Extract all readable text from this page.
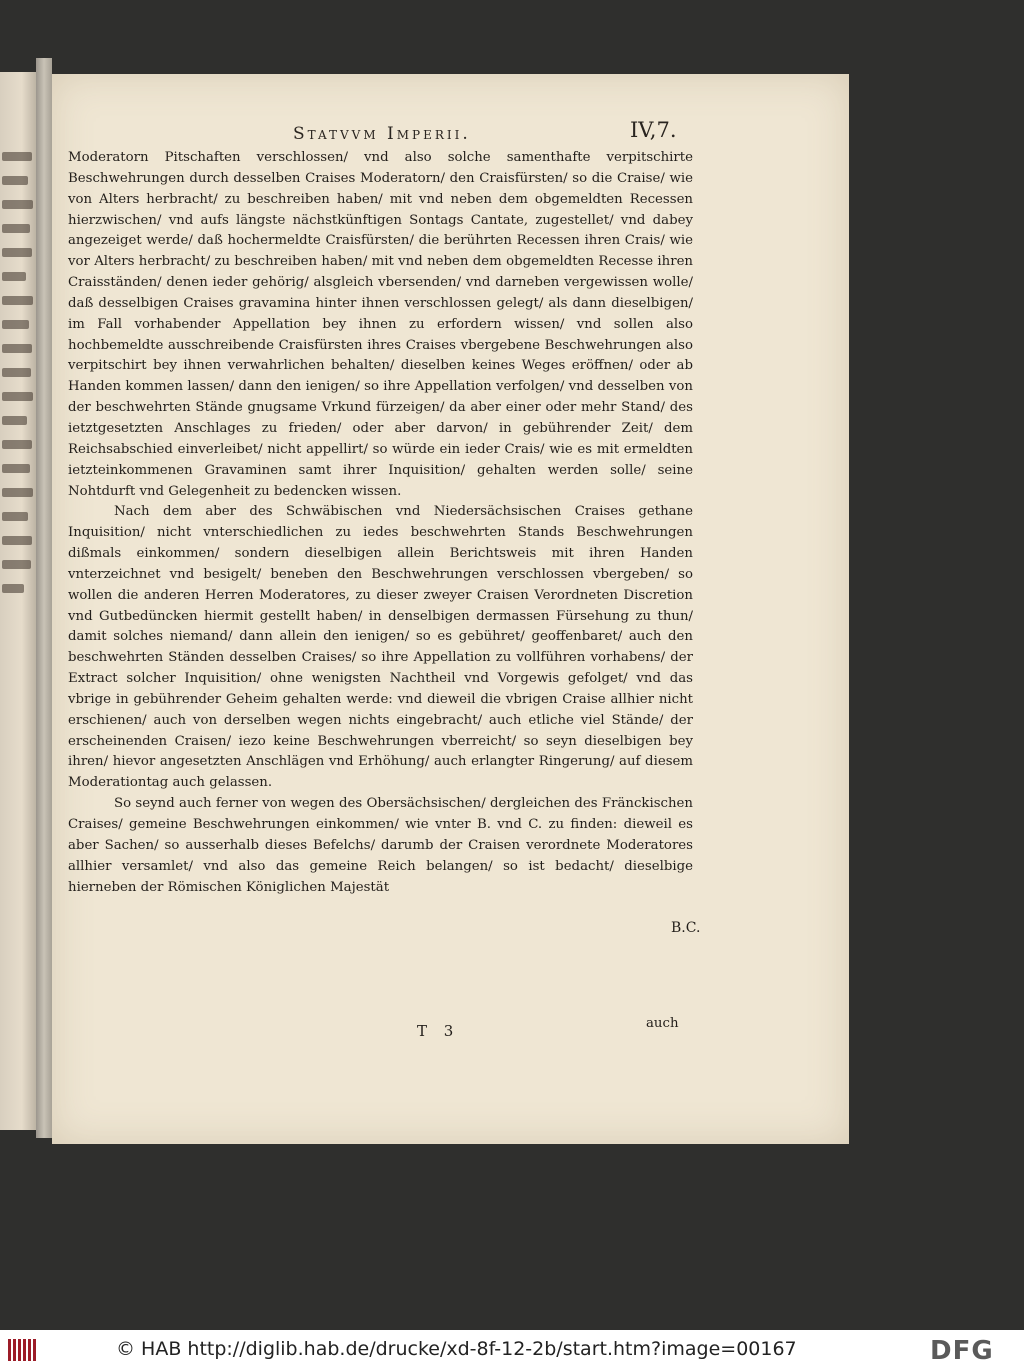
Statvvm Imperii.	IV,7.

Moderatorn Pitschaften verschlossen/ vnd also solche samenthafte verpitschirte Beschwehrungen durch desselben Craises Moderatorn/ den Craisfürsten/ so die Craise/ wie von Alters herbracht/ zu beschreiben haben/ mit vnd neben dem obgemeldten Recessen hierzwischen/ vnd aufs längste nächstkünftigen Sontags Cantate, zugestellet/ vnd dabey angezeiget werde/ daß hochermeldte Craisfürsten/ die berührten Recessen ihren Crais/ wie vor Alters herbracht/ zu beschreiben haben/ mit vnd neben dem obgemeldten Recesse ihren Craisständen/ denen ieder gehörig/ alsgleich vbersenden/ vnd darneben vergewissen wolle/ daß desselbigen Craises gravamina hinter ihnen verschlossen gelegt/ als dann dieselbigen/ im Fall vorhabender Appellation bey ihnen zu erfordern wissen/ vnd sollen also hochbemeldte ausschreibende Craisfürsten ihres Craises vbergebene Beschwehrungen also verpitschirt bey ihnen verwahrlichen behalten/ dieselben keines Weges eröffnen/ oder ab Handen kommen lassen/ dann den ienigen/ so ihre Appellation verfolgen/ vnd desselben von der beschwehrten Stände gnugsame Vrkund fürzeigen/ da aber einer oder mehr Stand/ des ietztgesetzten Anschlages zu frieden/ oder aber darvon/ in gebührender Zeit/ dem Reichsabschied einverleibet/ nicht appellirt/ so würde ein ieder Crais/ wie es mit ermeldten ietzteinkommenen Gravaminen samt ihrer Inquisition/ gehalten werden solle/ seine Nohtdurft vnd Gelegenheit zu bedencken wissen.

Nach dem aber des Schwäbischen vnd Niedersächsischen Craises gethane Inquisition/ nicht vnterschiedlichen zu iedes beschwehrten Stands Beschwehrungen dißmals einkommen/ sondern dieselbigen allein Berichtsweis mit ihren Handen vnterzeichnet vnd besigelt/ beneben den Beschwehrungen verschlossen vbergeben/ so wollen die anderen Herren Moderatores, zu dieser zweyer Craisen Verordneten Discretion vnd Gutbedüncken hiermit gestellt haben/ in denselbigen dermassen Fürsehung zu thun/ damit solches niemand/ dann allein den ienigen/ so es gebühret/ geoffenbaret/ auch den beschwehrten Ständen desselben Craises/ so ihre Appellation zu vollführen vorhabens/ der Extract solcher Inquisition/ ohne wenigsten Nachtheil vnd Vorgewis gefolget/ vnd das vbrige in gebührender Geheim gehalten werde: vnd dieweil die vbrigen Craise allhier nicht erschienen/ auch von derselben wegen nichts eingebracht/ auch etliche viel Stände/ der erscheinenden Craisen/ iezo keine Beschwehrungen vberreicht/ so seyn dieselbigen bey ihren/ hievor angesetzten Anschlägen vnd Erhöhung/ auch erlangter Ringerung/ auf diesem Moderationtag auch gelassen.

So seynd auch ferner von wegen des Obersächsischen/ dergleichen des Fränckischen Craises/ gemeine Beschwehrungen einkommen/ wie vnter B. vnd C. zu finden: dieweil es aber Sachen/ so ausserhalb dieses Befelchs/ darumb der Craisen verordnete Moderatores allhier versamlet/ vnd also das gemeine Reich belangen/ so ist bedacht/ dieselbige hierneben der Römischen Königlichen Majestät

B.C.
T 3	auch
© HAB http://diglib.hab.de/drucke/xd-8f-12-2b/start.htm?image=00167	DFG
